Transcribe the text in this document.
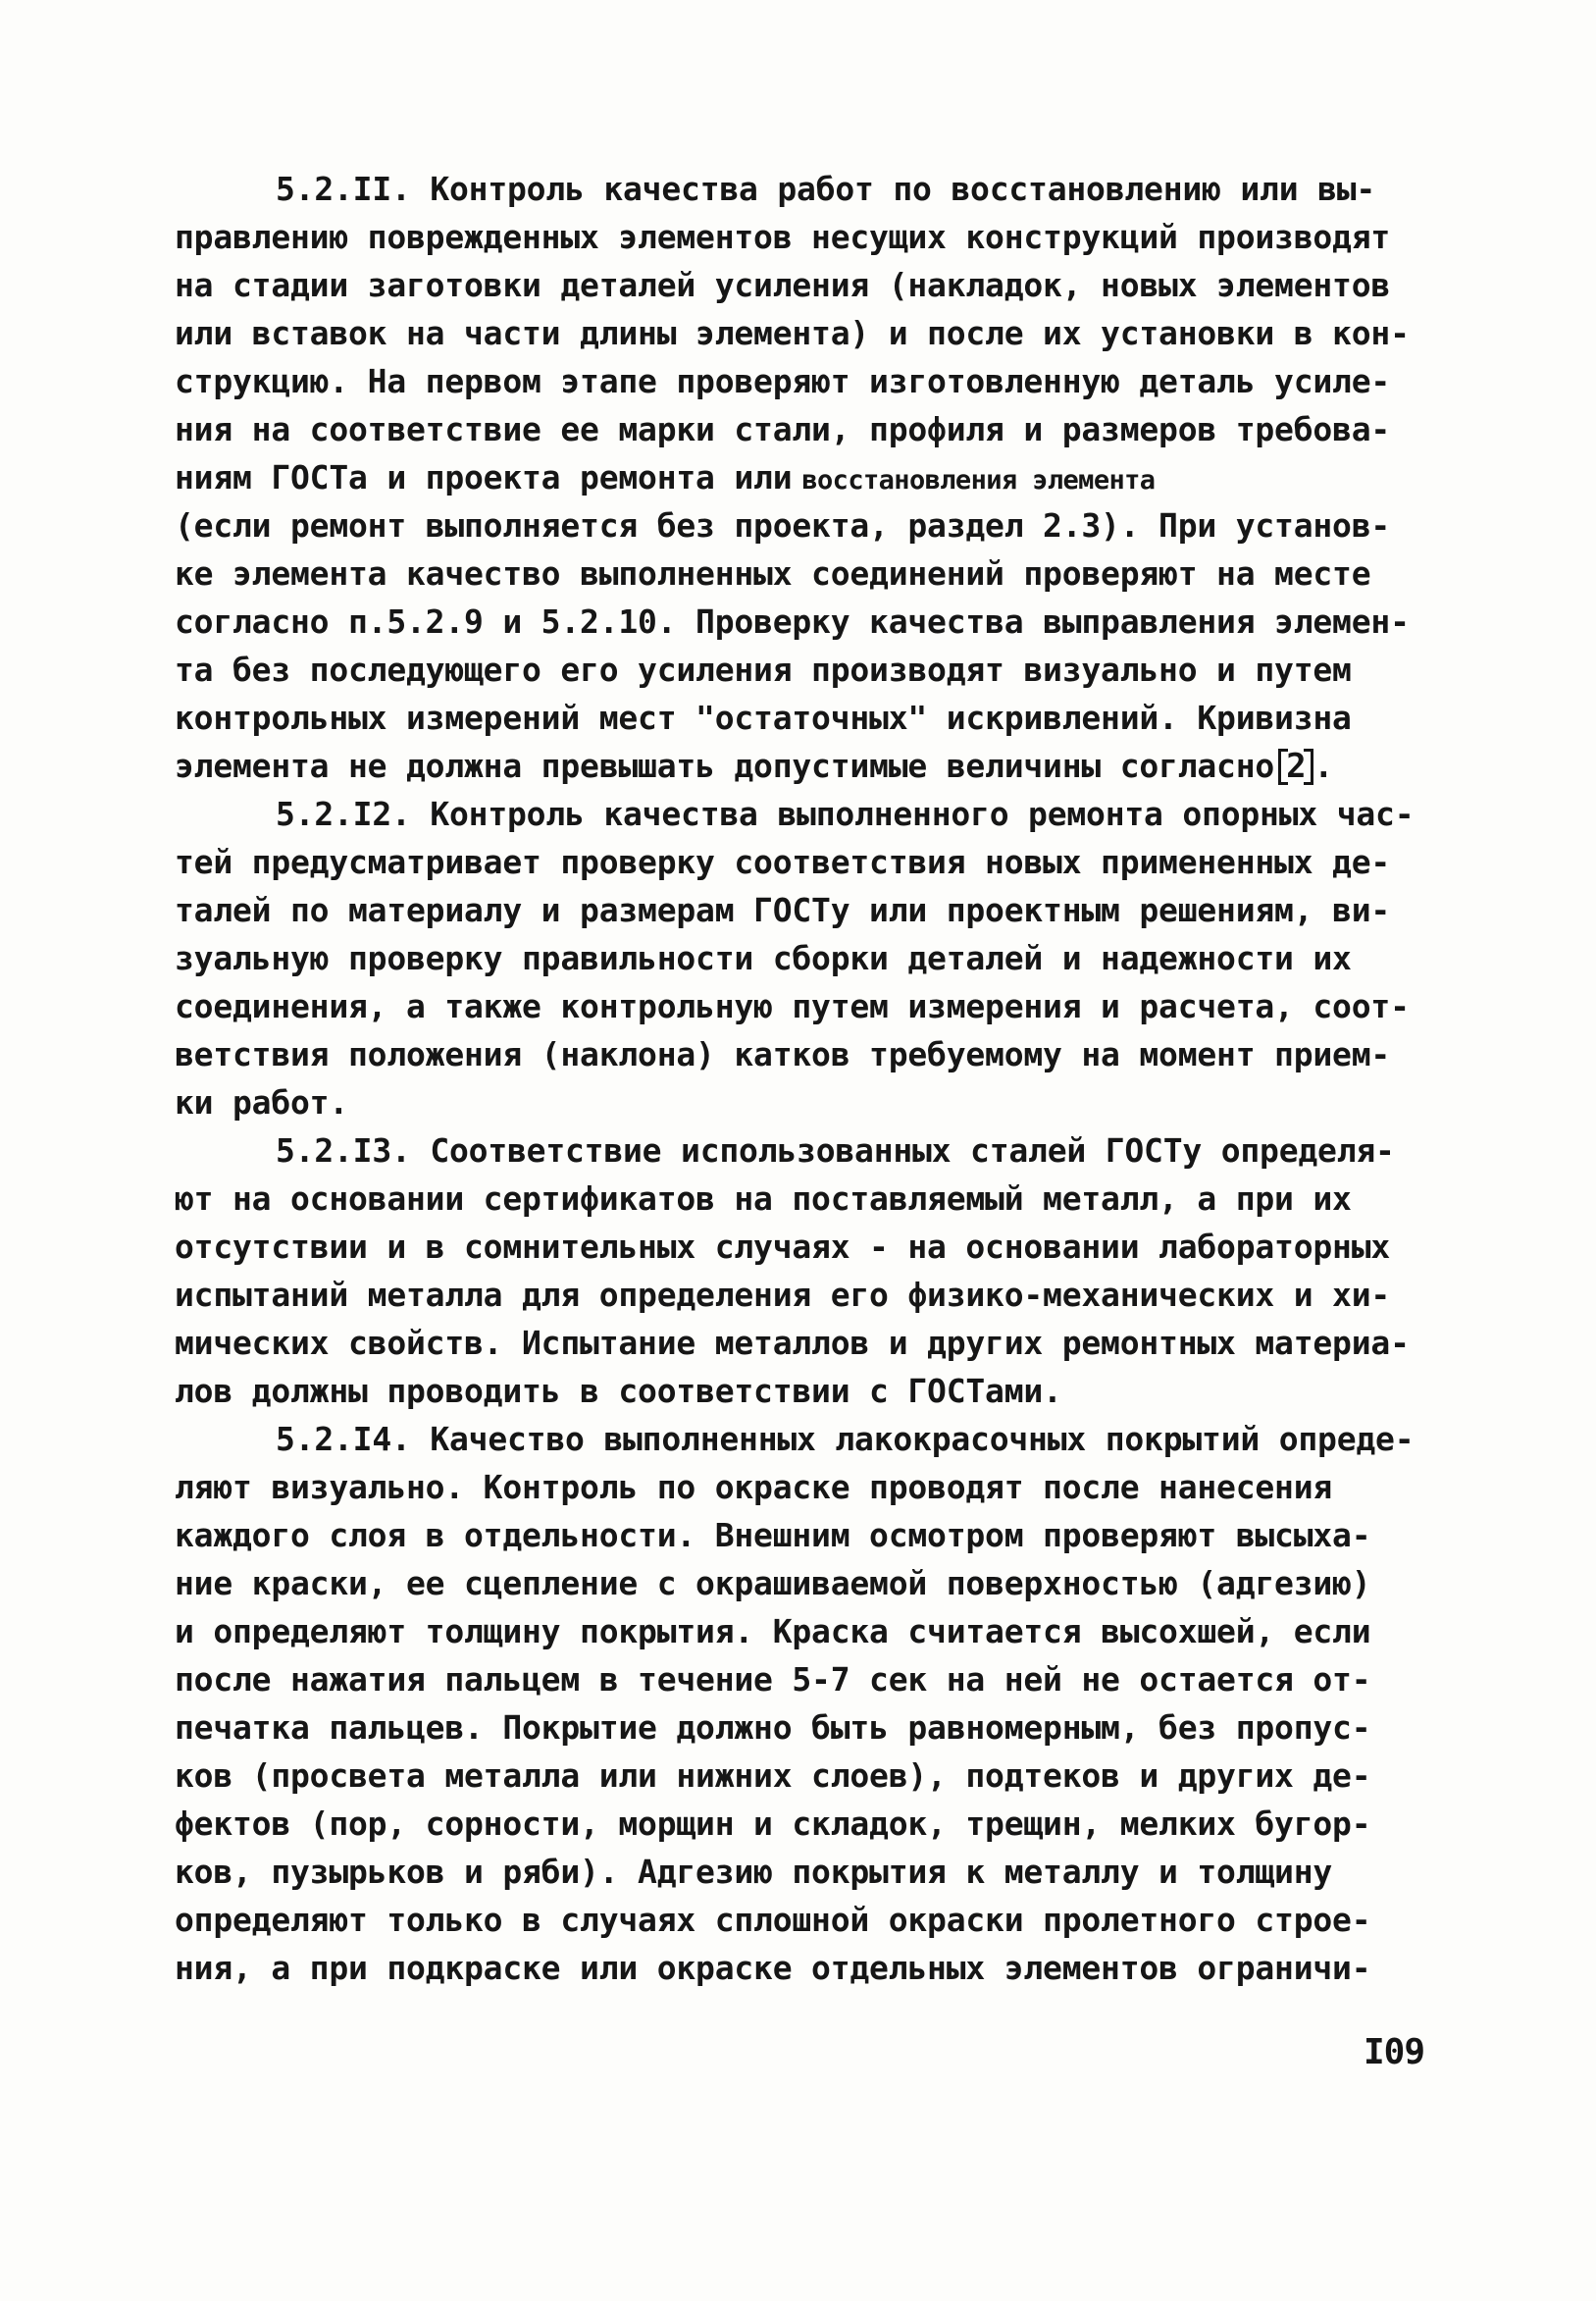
5.2.II. Контроль качества работ по восстановлению или вы-
правлению поврежденных элементов несущих конструкций производят
на стадии заготовки деталей усиления (накладок, новых элементов
или вставок на части длины элемента) и после их установки в кон-
струкцию. На первом этапе проверяют изготовленную деталь усиле-
ния на соответствие ее марки стали, профиля и размеров требова-
ниям ГОСТа и проекта ремонта или восстановления элемента
(если ремонт выполняется без проекта, раздел 2.3). При установ-
ке элемента качество выполненных соединений проверяют на месте
согласно п.5.2.9 и 5.2.10. Проверку качества выправления элемен-
та без последующего его усиления производят визуально и путем
контрольных измерений мест "остаточных" искривлений. Кривизна
элемента не должна превышать допустимые величины согласно 2 .
5.2.I2. Контроль качества выполненного ремонта опорных час-
тей предусматривает проверку соответствия новых примененных де-
талей по материалу и размерам ГОСТу или проектным решениям, ви-
зуальную проверку правильности сборки деталей и надежности их
соединения, а также контрольную путем измерения и расчета, соот-
ветствия положения (наклона) катков требуемому на момент прием-
ки работ.
5.2.I3. Соответствие использованных сталей ГОСТу определя-
ют на основании сертификатов на поставляемый металл, а при их
отсутствии и в сомнительных случаях - на основании лабораторных
испытаний металла для определения его физико-механических и хи-
мических свойств. Испытание металлов и других ремонтных материа-
лов должны проводить в соответствии с ГОСТами.
5.2.I4. Качество выполненных лакокрасочных покрытий опреде-
ляют визуально. Контроль по окраске проводят после нанесения
каждого слоя в отдельности. Внешним осмотром проверяют высыха-
ние краски, ее сцепление с окрашиваемой поверхностью (адгезию)
и определяют толщину покрытия. Краска считается высохшей, если
после нажатия пальцем в течение 5-7 сек на ней не остается от-
печатка пальцев. Покрытие должно быть равномерным, без пропус-
ков (просвета металла или нижних слоев), подтеков и других де-
фектов (пор, сорности, морщин и складок, трещин, мелких бугор-
ков, пузырьков и ряби). Адгезию покрытия к металлу и толщину
определяют только в случаях сплошной окраски пролетного строе-
ния, а при подкраске или окраске отдельных элементов ограничи-
I09
